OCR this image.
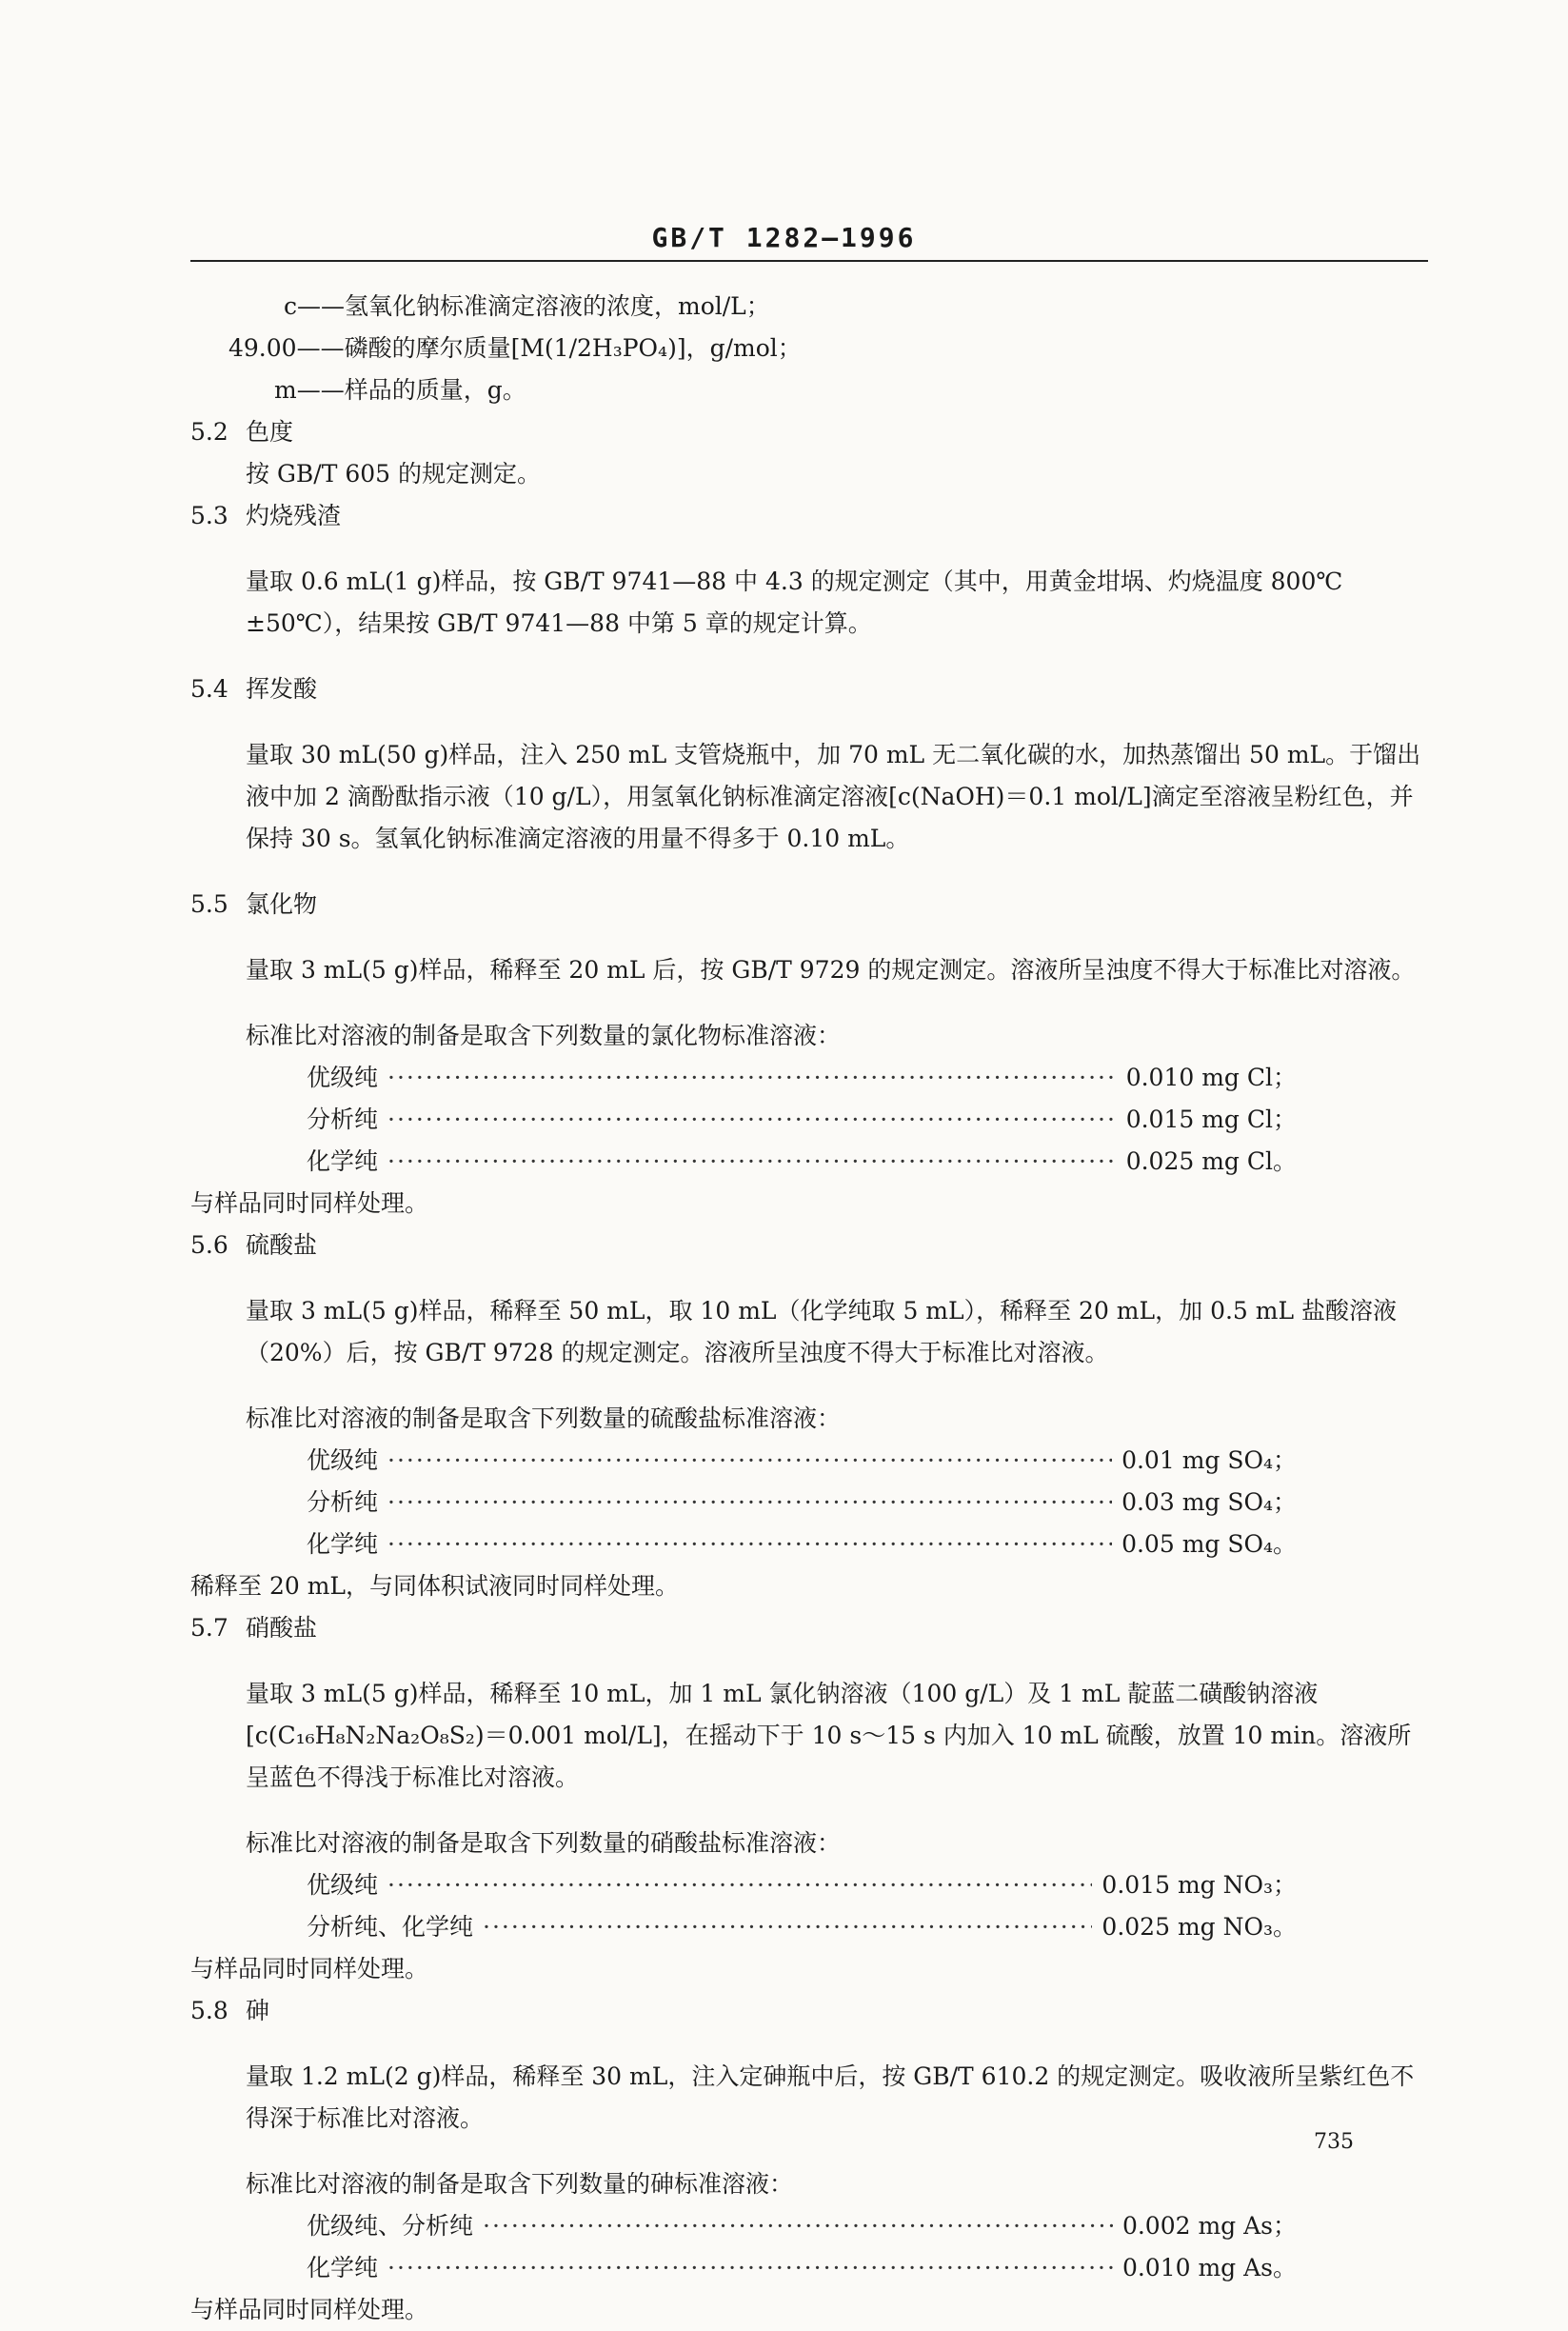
GB/T 1282—1996

c——氢氧化钠标准滴定溶液的浓度，mol/L；

49.00——磷酸的摩尔质量[M(1/2H₃PO₄)]，g/mol；

m——样品的质量，g。

5.2 色度

按 GB/T 605 的规定测定。

5.3 灼烧残渣

量取 0.6 mL(1 g)样品，按 GB/T 9741—88 中 4.3 的规定测定（其中，用黄金坩埚、灼烧温度 800℃ ±50℃），结果按 GB/T 9741—88 中第 5 章的规定计算。

5.4 挥发酸

量取 30 mL(50 g)样品，注入 250 mL 支管烧瓶中，加 70 mL 无二氧化碳的水，加热蒸馏出 50 mL。于馏出液中加 2 滴酚酞指示液（10 g/L），用氢氧化钠标准滴定溶液[c(NaOH)＝0.1 mol/L]滴定至溶液呈粉红色，并保持 30 s。氢氧化钠标准滴定溶液的用量不得多于 0.10 mL。

5.5 氯化物

量取 3 mL(5 g)样品，稀释至 20 mL 后，按 GB/T 9729 的规定测定。溶液所呈浊度不得大于标准比对溶液。

标准比对溶液的制备是取含下列数量的氯化物标准溶液：

优级纯 ·····	0.010 mg Cl；
分析纯 ·····	0.015 mg Cl；
化学纯 ·····	0.025 mg Cl。

与样品同时同样处理。

5.6 硫酸盐

量取 3 mL(5 g)样品，稀释至 50 mL，取 10 mL（化学纯取 5 mL），稀释至 20 mL，加 0.5 mL 盐酸溶液（20%）后，按 GB/T 9728 的规定测定。溶液所呈浊度不得大于标准比对溶液。

标准比对溶液的制备是取含下列数量的硫酸盐标准溶液：

优级纯 ·····	0.01 mg SO₄；
分析纯 ·····	0.03 mg SO₄；
化学纯 ·····	0.05 mg SO₄。

稀释至 20 mL，与同体积试液同时同样处理。

5.7 硝酸盐

量取 3 mL(5 g)样品，稀释至 10 mL，加 1 mL 氯化钠溶液（100 g/L）及 1 mL 靛蓝二磺酸钠溶液[c(C₁₆H₈N₂Na₂O₈S₂)＝0.001 mol/L]，在摇动下于 10 s～15 s 内加入 10 mL 硫酸，放置 10 min。溶液所呈蓝色不得浅于标准比对溶液。

标准比对溶液的制备是取含下列数量的硝酸盐标准溶液：

优级纯 ·····	0.015 mg NO₃；
分析纯、化学纯 ·····	0.025 mg NO₃。

与样品同时同样处理。

5.8 砷

量取 1.2 mL(2 g)样品，稀释至 30 mL，注入定砷瓶中后，按 GB/T 610.2 的规定测定。吸收液所呈紫红色不得深于标准比对溶液。

标准比对溶液的制备是取含下列数量的砷标准溶液：

优级纯、分析纯 ·····	0.002 mg As；
化学纯 ·····	0.010 mg As。

与样品同时同样处理。

735
